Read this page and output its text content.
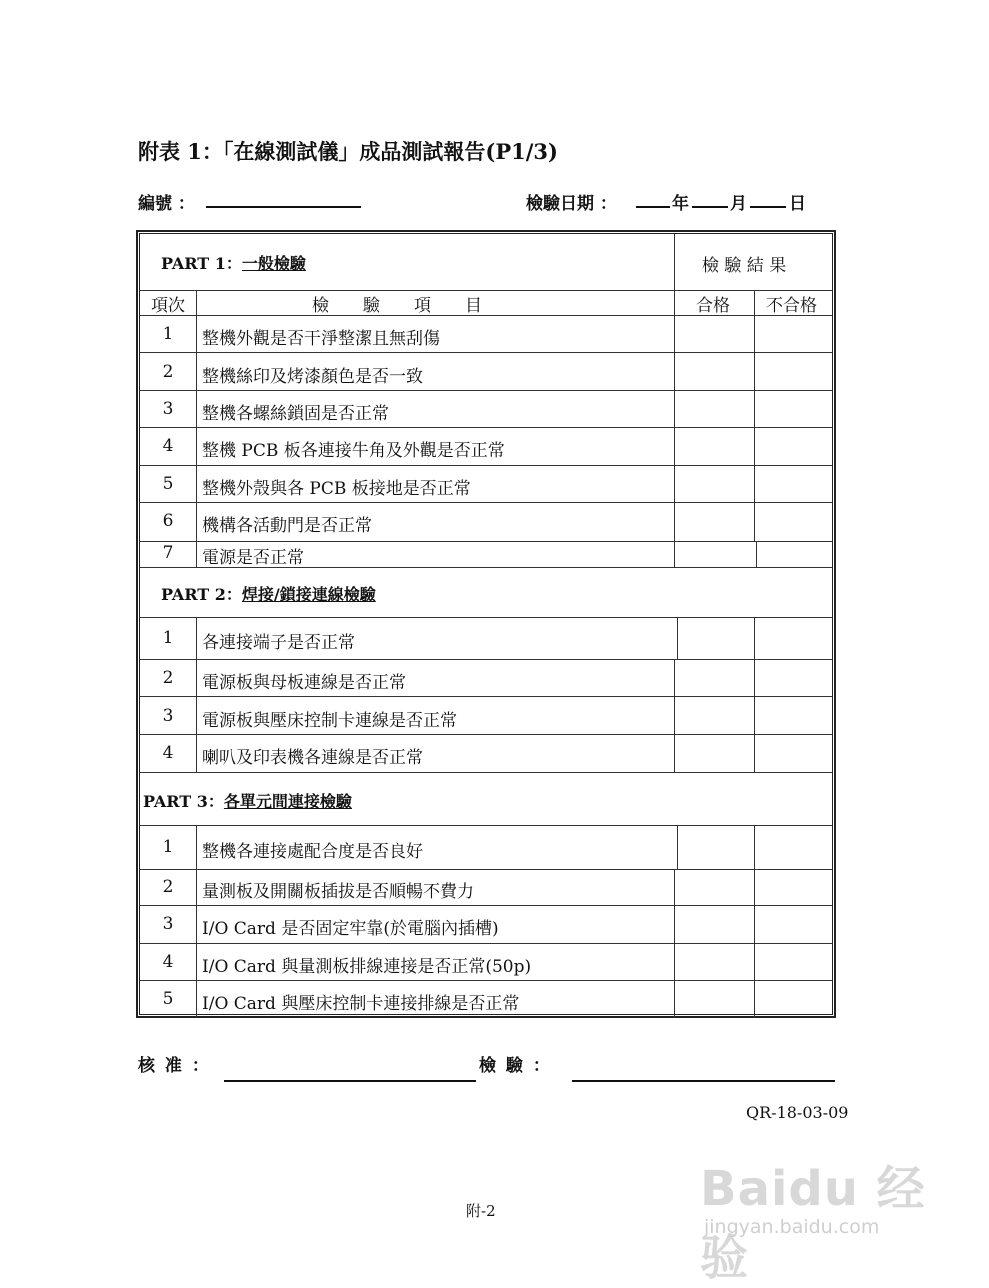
附表 1：「在線測試儀」成品測試報告(P1/3)
編號 ：	檢驗日期 ：	年 月 日
PART 1：一般檢驗	檢 驗 結 果
項次	檢　　驗　　項　　目	合格 不合格
1	整機外觀是否干淨整潔且無刮傷
2	整機絲印及烤漆顏色是否一致
3	整機各螺絲鎖固是否正常
4	整機 PCB 板各連接牛角及外觀是否正常
5	整機外殼與各 PCB 板接地是否正常
6	機構各活動門是否正常
7	電源是否正常
PART 2：焊接/鎖接連線檢驗
1	各連接端子是否正常
2	電源板與母板連線是否正常
3	電源板與壓床控制卡連線是否正常
4	喇叭及印表機各連線是否正常
PART 3：各單元間連接檢驗
1	整機各連接處配合度是否良好
2	量測板及開關板插拔是否順暢不費力
3	I/O Card 是否固定牢靠(於電腦內插槽)
4	I/O Card 與量測板排線連接是否正常(50p)
5	I/O Card 與壓床控制卡連接排線是否正常
核 准 ：	檢 驗 ：
QR-18-03-09
附-2	Baidu 经验
jingyan.baidu.com
